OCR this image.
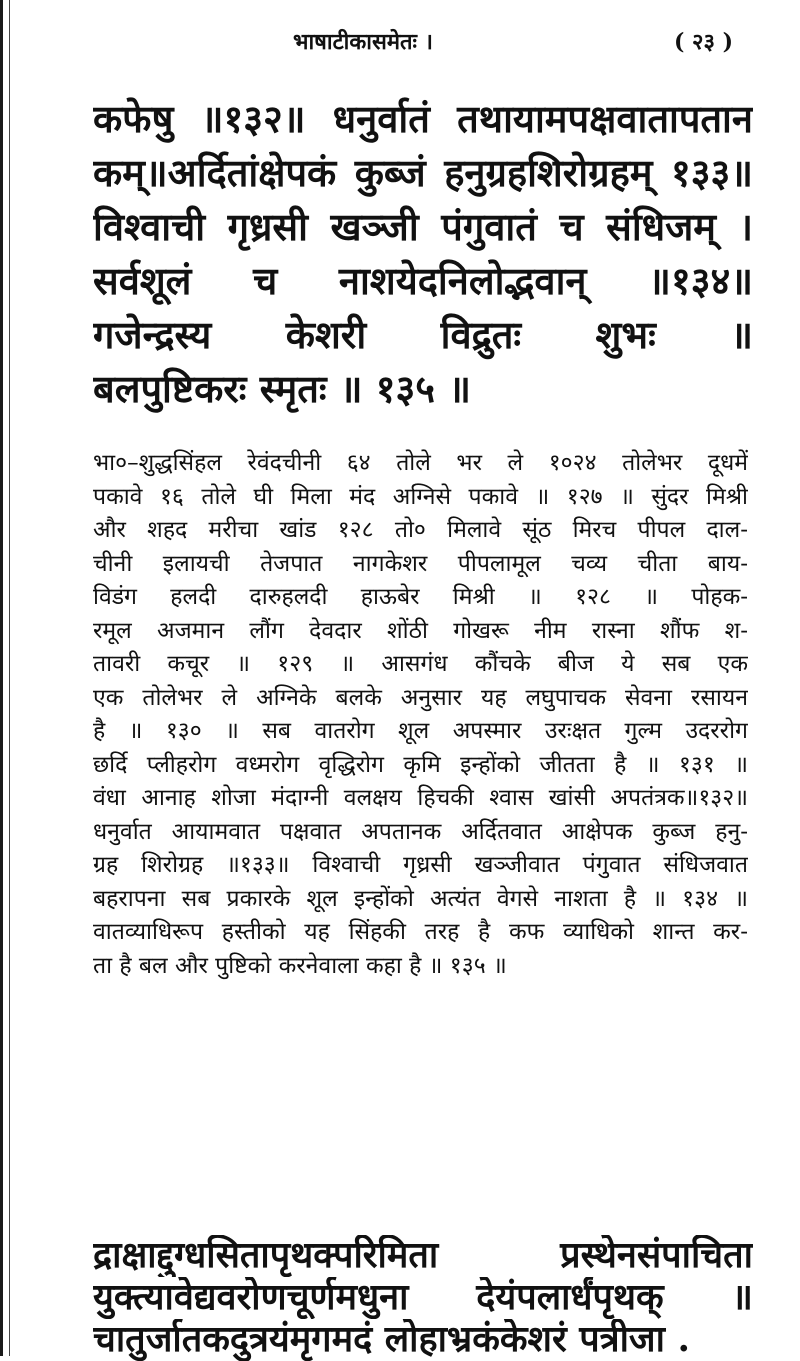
भाषाटीकासमेतः ।	( २३ )
कफेषु ॥१३२॥ धनुर्वातं तथायामपक्षवातापतान
कम्॥अर्दितांक्षेपकं कुब्जं हनुग्रहशिरोग्रहम् १३३॥
विश्वाची गृध्रसी खञ्जी पंगुवातं च संधिजम् ।
सर्वशूलं च नाशयेदनिलोद्भवान् ॥१३४॥
गजेन्द्रस्य केशरी विद्रुतः शुभः ॥
बलपुष्टिकरः स्मृतः ॥ १३५ ॥
भा०–शुद्धसिंहल रेवंदचीनी ६४ तोले भर ले १०२४ तोलेभर दूधमें
पकावे १६ तोले घी मिला मंद अग्निसे पकावे ॥ १२७ ॥ सुंदर मिश्री
और शहद मरीचा खांड १२८ तो० मिलावे सूंठ मिरच पीपल दाल-
चीनी इलायची तेजपात नागकेशर पीपलामूल चव्य चीता बाय-
विडंग हलदी दारुहलदी हाऊबेर मिश्री ॥ १२८ ॥ पोहक-
रमूल अजमान लौंग देवदार शोंठी गोखरू नीम रास्ना शौंफ श-
तावरी कचूर ॥ १२९ ॥ आसगंध कौंचके बीज ये सब एक
एक तोलेभर ले अग्निके बलके अनुसार यह लघुपाचक सेवना रसायन
है ॥ १३० ॥ सब वातरोग शूल अपस्मार उरःक्षत गुल्म उदररोग
छर्दि प्लीहरोग वध्मरोग वृद्धिरोग कृमि इन्होंको जीतता है ॥ १३१ ॥
वंधा आनाह शोजा मंदाग्नी वलक्षय हिचकी श्वास खांसी अपतंत्रक॥१३२॥
धनुर्वात आयामवात पक्षवात अपतानक अर्दितवात आक्षेपक कुब्ज हनु-
ग्रह शिरोग्रह ॥१३३॥ विश्वाची गृध्रसी खञ्जीवात पंगुवात संधिजवात
बहरापना सब प्रकारके शूल इन्होंको अत्यंत वेगसे नाशता है ॥ १३४ ॥
वातव्याधिरूप हस्तीको यह सिंहकी तरह है कफ व्याधिको शान्त कर-
ता है बल और पुष्टिको करनेवाला कहा है ॥ १३५ ॥
द्राक्षाद्दुग्धसितापृथक्परिमिता प्रस्थेनसंपाचिता
युक्त्यावेद्यवरोणचूर्णमधुना देयंपलार्धंपृथक् ॥
चातुर्जातकदुत्रयंमृगमदं लोहाभ्रकंकेशरं पत्रीजा .
